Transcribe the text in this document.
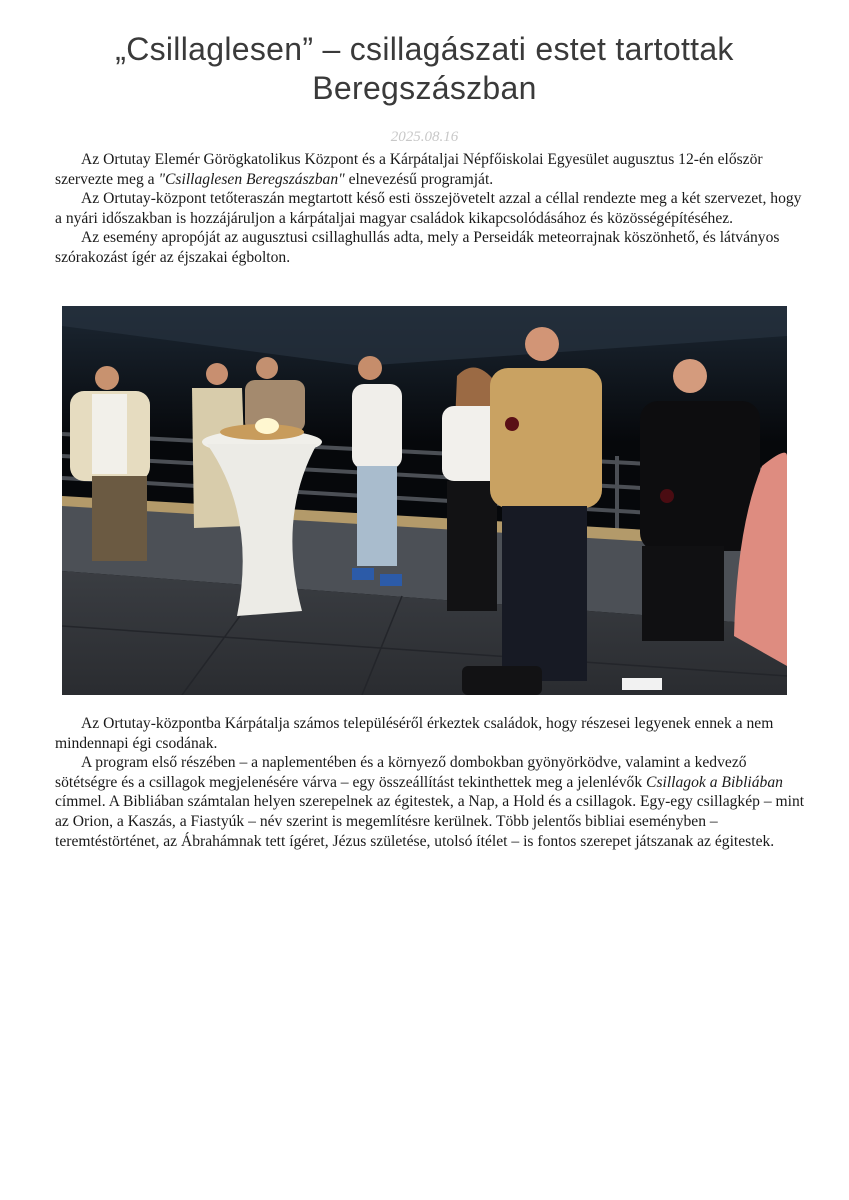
„Csillaglesen” – csillagászati estet tartottak Beregszászban
2025.08.16

Az Ortutay Elemér Görögkatolikus Központ és a Kárpátaljai Népfőiskolai Egyesület augusztus 12-én először szervezte meg a "Csillaglesen Beregszászban" elnevezésű programját.

Az Ortutay-központ tetőteraszán megtartott késő esti összejövetelt azzal a céllal rendezte meg a két szervezet, hogy a nyári időszakban is hozzájáruljon a kárpátaljai magyar családok kikapcsolódásához és közösségépítéséhez.

Az esemény apropóját az augusztusi csillaghullás adta, mely a Perseidák meteorrajnak köszönhető, és látványos szórakozást ígér az éjszakai égbolton.

Az Ortutay-központba Kárpátalja számos településéről érkeztek családok, hogy részesei legyenek ennek a nem mindennapi égi csodának.

A program első részében – a naplementében és a környező dombokban gyönyörködve, valamint a kedvező sötétségre és a csillagok megjelenésére várva – egy összeállítást tekinthettek meg a jelenlévők Csillagok a Bibliában címmel. A Bibliában számtalan helyen szerepelnek az égitestek, a Nap, a Hold és a csillagok. Egy-egy csillagkép – mint az Orion, a Kaszás, a Fiastyúk – név szerint is megemlítésre kerülnek. Több jelentős bibliai eseményben – teremtéstörténet, az Ábrahámnak tett ígéret, Jézus születése, utolsó ítélet – is fontos szerepet játszanak az égitestek.
